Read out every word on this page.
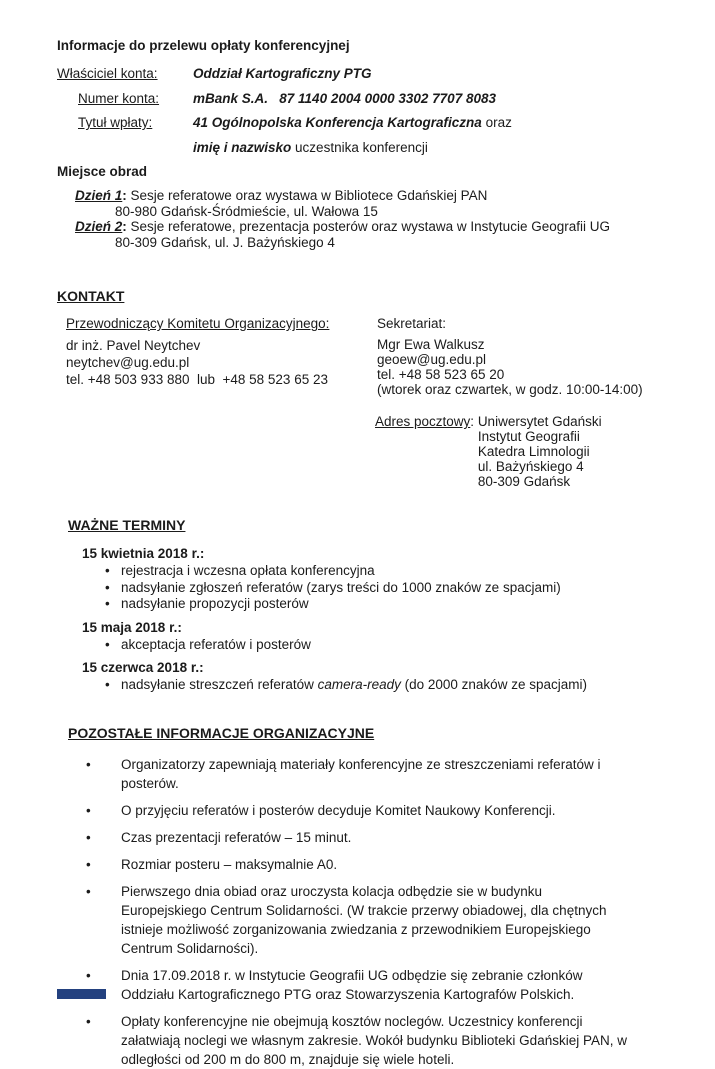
Informacje do przelewu opłaty konferencyjnej
Właściciel konta:	Oddział Kartograficzny PTG
Numer konta:	mBank S.A.   87 1140 2004 0000 3302 7707 8083
Tytuł wpłaty:	41 Ogólnopolska Konferencja Kartograficzna oraz
imię i nazwisko uczestnika konferencji
Miejsce obrad
Dzień 1: Sesje referatowe oraz wystawa w Bibliotece Gdańskiej PAN
80-980 Gdańsk-Śródmieście, ul. Wałowa 15
Dzień 2: Sesje referatowe, prezentacja posterów oraz wystawa w Instytucie Geografii UG
80-309 Gdańsk, ul. J. Bażyńskiego 4
KONTAKT
Przewodniczący Komitetu Organizacyjnego:
dr inż. Pavel Neytchev
neytchev@ug.edu.pl
tel. +48 503 933 880  lub  +48 58 523 65 23
Sekretariat:
Mgr Ewa Walkusz
geoew@ug.edu.pl
tel. +48 58 523 65 20
(wtorek oraz czwartek, w godz. 10:00-14:00)
Adres pocztowy: Uniwersytet Gdański
Instytut Geografii
Katedra Limnologii
ul. Bażyńskiego 4
80-309 Gdańsk
WAŻNE TERMINY
15 kwietnia 2018 r.:
• rejestracja i wczesna opłata konferencyjna
• nadsyłanie zgłoszeń referatów (zarys treści do 1000 znaków ze spacjami)
• nadsyłanie propozycji posterów
15 maja 2018 r.:
• akceptacja referatów i posterów
15 czerwca 2018 r.:
• nadsyłanie streszczeń referatów camera-ready (do 2000 znaków ze spacjami)
POZOSTAŁE INFORMACJE ORGANIZACYJNE
• Organizatorzy zapewniają materiały konferencyjne ze streszczeniami referatów i posterów.
• O przyjęciu referatów i posterów decyduje Komitet Naukowy Konferencji.
• Czas prezentacji referatów – 15 minut.
• Rozmiar posteru – maksymalnie A0.
• Pierwszego dnia obiad oraz uroczysta kolacja odbędzie sie w budynku Europejskiego Centrum Solidarności. (W trakcie przerwy obiadowej, dla chętnych istnieje możliwość zorganizowania zwiedzania z przewodnikiem Europejskiego Centrum Solidarności).
• Dnia 17.09.2018 r. w Instytucie Geografii UG odbędzie się zebranie członków Oddziału Kartograficznego PTG oraz Stowarzyszenia Kartografów Polskich.
• Opłaty konferencyjne nie obejmują kosztów noclegów. Uczestnicy konferencji załatwiają noclegi we własnym zakresie. Wokół budynku Biblioteki Gdańskiej PAN, w odległości od 200 m do 800 m, znajduje się wiele hoteli.
